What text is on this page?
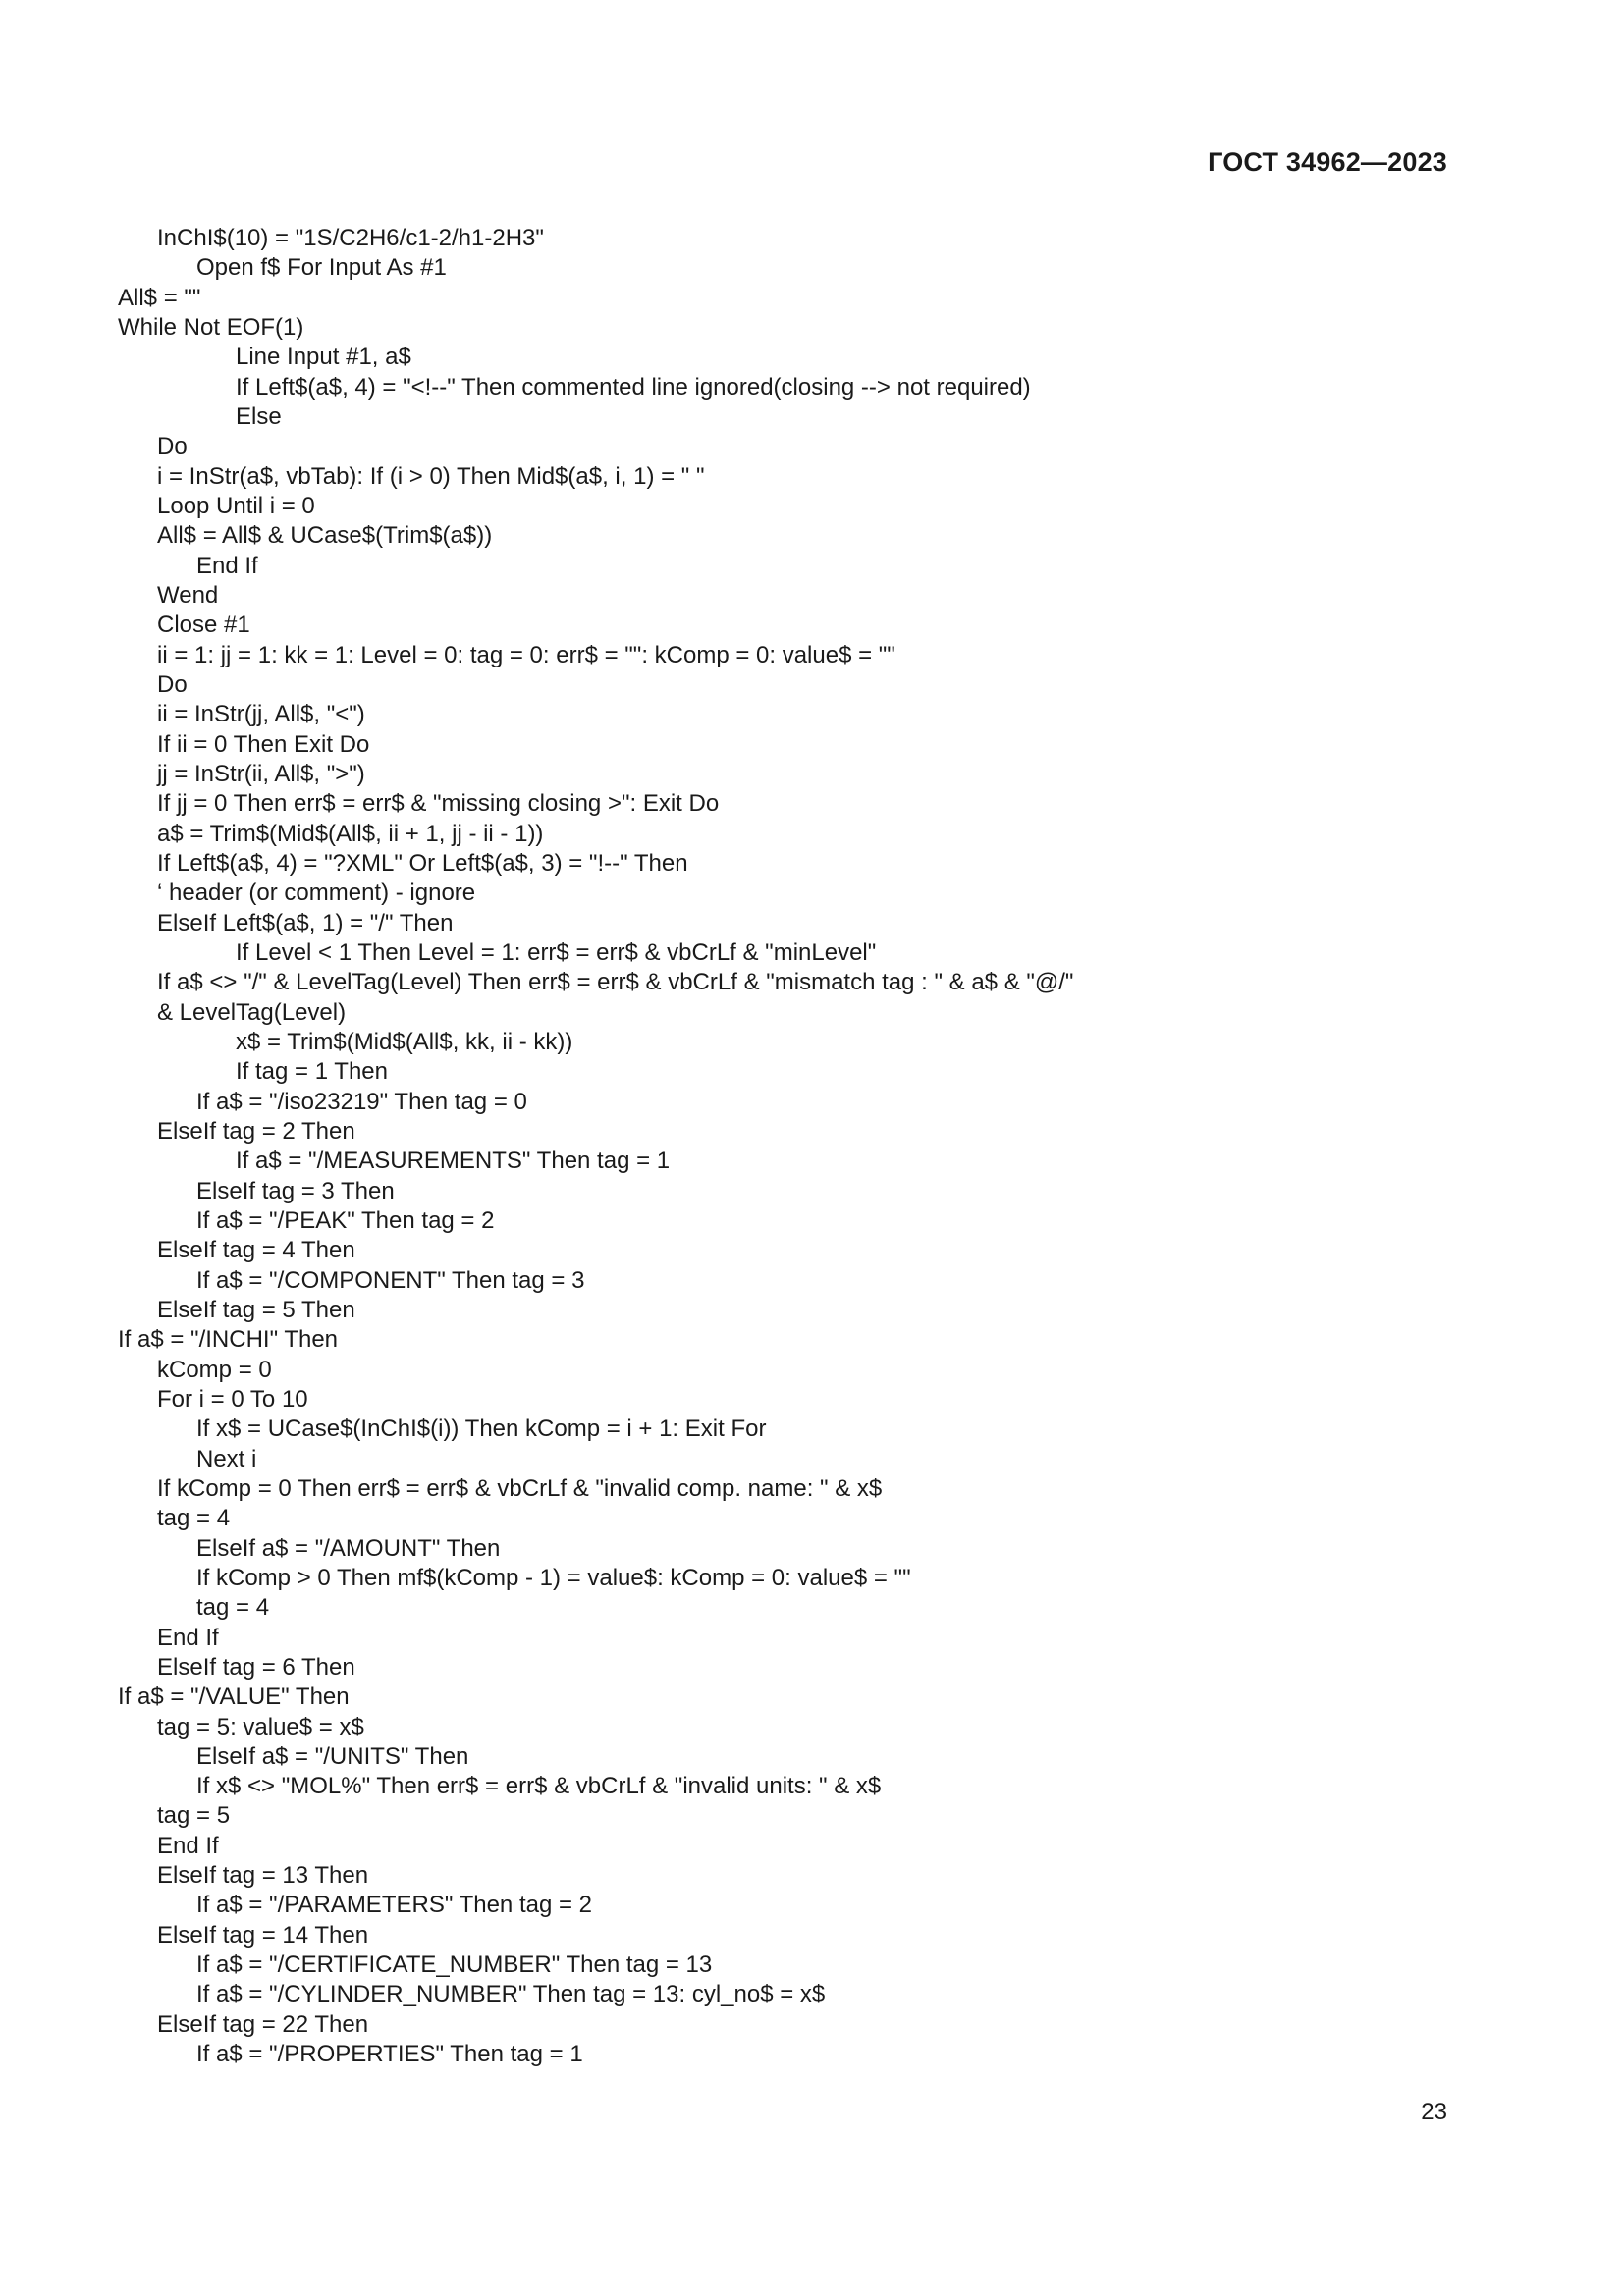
ГОСТ 34962—2023
InChI$(10) = "1S/C2H6/c1-2/h1-2H3"
Open f$ For Input As #1
All$ = ""
While Not EOF(1)
Line Input #1, a$
If Left$(a$, 4) = "<!--" Then commented line ignored(closing --> not required)
Else
Do
i = InStr(a$, vbTab): If (i > 0) Then Mid$(a$, i, 1) = " "
Loop Until i = 0
All$ = All$ & UCase$(Trim$(a$))
End If
Wend
Close #1
ii = 1: jj = 1: kk = 1: Level = 0: tag = 0: err$ = "": kComp = 0: value$ = ""
Do
ii = InStr(jj, All$, "<")
If ii = 0 Then Exit Do
jj = InStr(ii, All$, ">")
If jj = 0 Then err$ = err$ & "missing closing >": Exit Do
a$ = Trim$(Mid$(All$, ii + 1, jj - ii - 1))
If Left$(a$, 4) = "?XML" Or Left$(a$, 3) = "!--" Then
‘ header (or comment) - ignore
ElseIf Left$(a$, 1) = "/" Then
If Level < 1 Then Level = 1: err$ = err$ & vbCrLf & "minLevel"
If a$ <> "/" & LevelTag(Level) Then err$ = err$ & vbCrLf & "mismatch tag : " & a$ & "@/"
& LevelTag(Level)
x$ = Trim$(Mid$(All$, kk, ii - kk))
If tag = 1 Then
If a$ = "/iso23219" Then tag = 0
ElseIf tag = 2 Then
If a$ = "/MEASUREMENTS" Then tag = 1
ElseIf tag = 3 Then
If a$ = "/PEAK" Then tag = 2
ElseIf tag = 4 Then
If a$ = "/COMPONENT" Then tag = 3
ElseIf tag = 5 Then
If a$ = "/INCHI" Then
kComp = 0
For i = 0 To 10
If x$ = UCase$(InChI$(i)) Then kComp = i + 1: Exit For
Next i
If kComp = 0 Then err$ = err$ & vbCrLf & "invalid comp. name: " & x$
tag = 4
ElseIf a$ = "/AMOUNT" Then
If kComp > 0 Then mf$(kComp - 1) = value$: kComp = 0: value$ = ""
tag = 4
End If
ElseIf tag = 6 Then
If a$ = "/VALUE" Then
tag = 5: value$ = x$
ElseIf a$ = "/UNITS" Then
If x$ <> "MOL%" Then err$ = err$ & vbCrLf & "invalid units: " & x$
tag = 5
End If
ElseIf tag = 13 Then
If a$ = "/PARAMETERS" Then tag = 2
ElseIf tag = 14 Then
If a$ = "/CERTIFICATE_NUMBER" Then tag = 13
If a$ = "/CYLINDER_NUMBER" Then tag = 13: cyl_no$ = x$
ElseIf tag = 22 Then
If a$ = "/PROPERTIES" Then tag = 1
23
